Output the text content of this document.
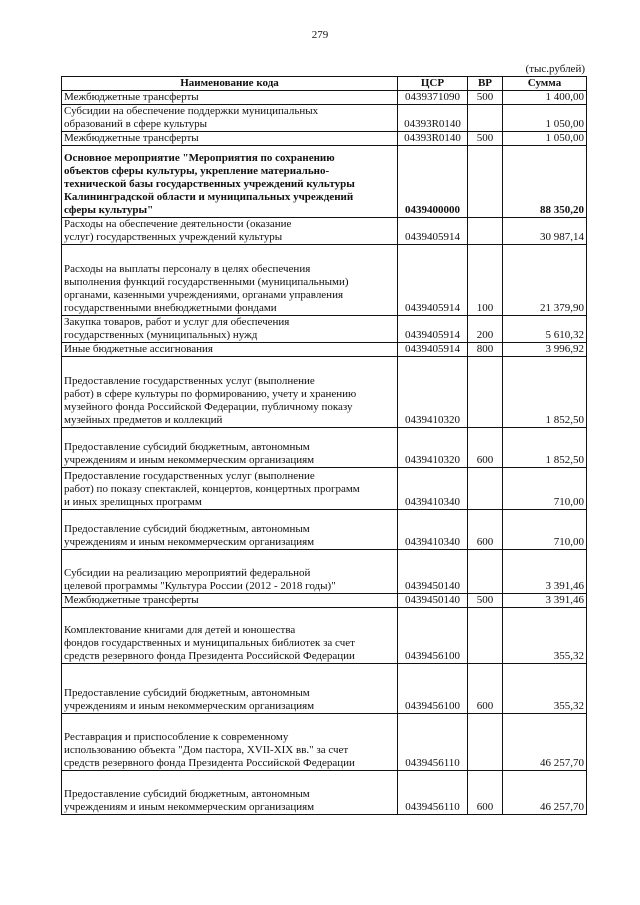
279
(тыс.рублей)
Наименование кода	ЦСР	ВР	Сумма
Межбюджетные трансферты	0439371090	500	1 400,00
Субсидии на обеспечение поддержки муниципальных
образований в сфере культуры	04393R0140		1 050,00
Межбюджетные трансферты	04393R0140	500	1 050,00
Основное мероприятие "Мероприятия по сохранению
объектов сферы культуры, укрепление материально-
технической базы государственных учреждений культуры
Калининградской области и муниципальных учреждений
сферы культуры"	0439400000		88 350,20
Расходы на обеспечение деятельности (оказание
услуг) государственных учреждений культуры	0439405914		30 987,14
Расходы на выплаты персоналу в целях обеспечения
выполнения функций государственными (муниципальными)
органами, казенными учреждениями, органами управления
государственными внебюджетными фондами	0439405914	100	21 379,90
Закупка товаров, работ и услуг для обеспечения
государственных (муниципальных) нужд	0439405914	200	5 610,32
Иные бюджетные ассигнования	0439405914	800	3 996,92
Предоставление государственных услуг (выполнение
работ) в сфере культуры по формированию, учету и хранению
музейного фонда Российской Федерации, публичному показу
музейных предметов и коллекций	0439410320		1 852,50
Предоставление субсидий бюджетным, автономным
учреждениям и иным некоммерческим организациям	0439410320	600	1 852,50
Предоставление государственных услуг (выполнение
работ) по показу спектаклей, концертов, концертных программ
и иных зрелищных программ	0439410340		710,00
Предоставление субсидий бюджетным, автономным
учреждениям и иным некоммерческим организациям	0439410340	600	710,00
Субсидии на реализацию мероприятий федеральной
целевой программы "Культура России (2012 - 2018 годы)"	0439450140		3 391,46
Межбюджетные трансферты	0439450140	500	3 391,46
Комплектование книгами для детей и юношества
фондов государственных и муниципальных библиотек за счет
средств резервного фонда Президента Российской Федерации	0439456100		355,32
Предоставление субсидий бюджетным, автономным
учреждениям и иным некоммерческим организациям	0439456100	600	355,32
Реставрация и приспособление к современному
использованию объекта "Дом пастора, XVII-XIX вв." за счет
средств резервного фонда Президента Российской Федерации	0439456110		46 257,70
Предоставление субсидий бюджетным, автономным
учреждениям и иным некоммерческим организациям	0439456110	600	46 257,70
